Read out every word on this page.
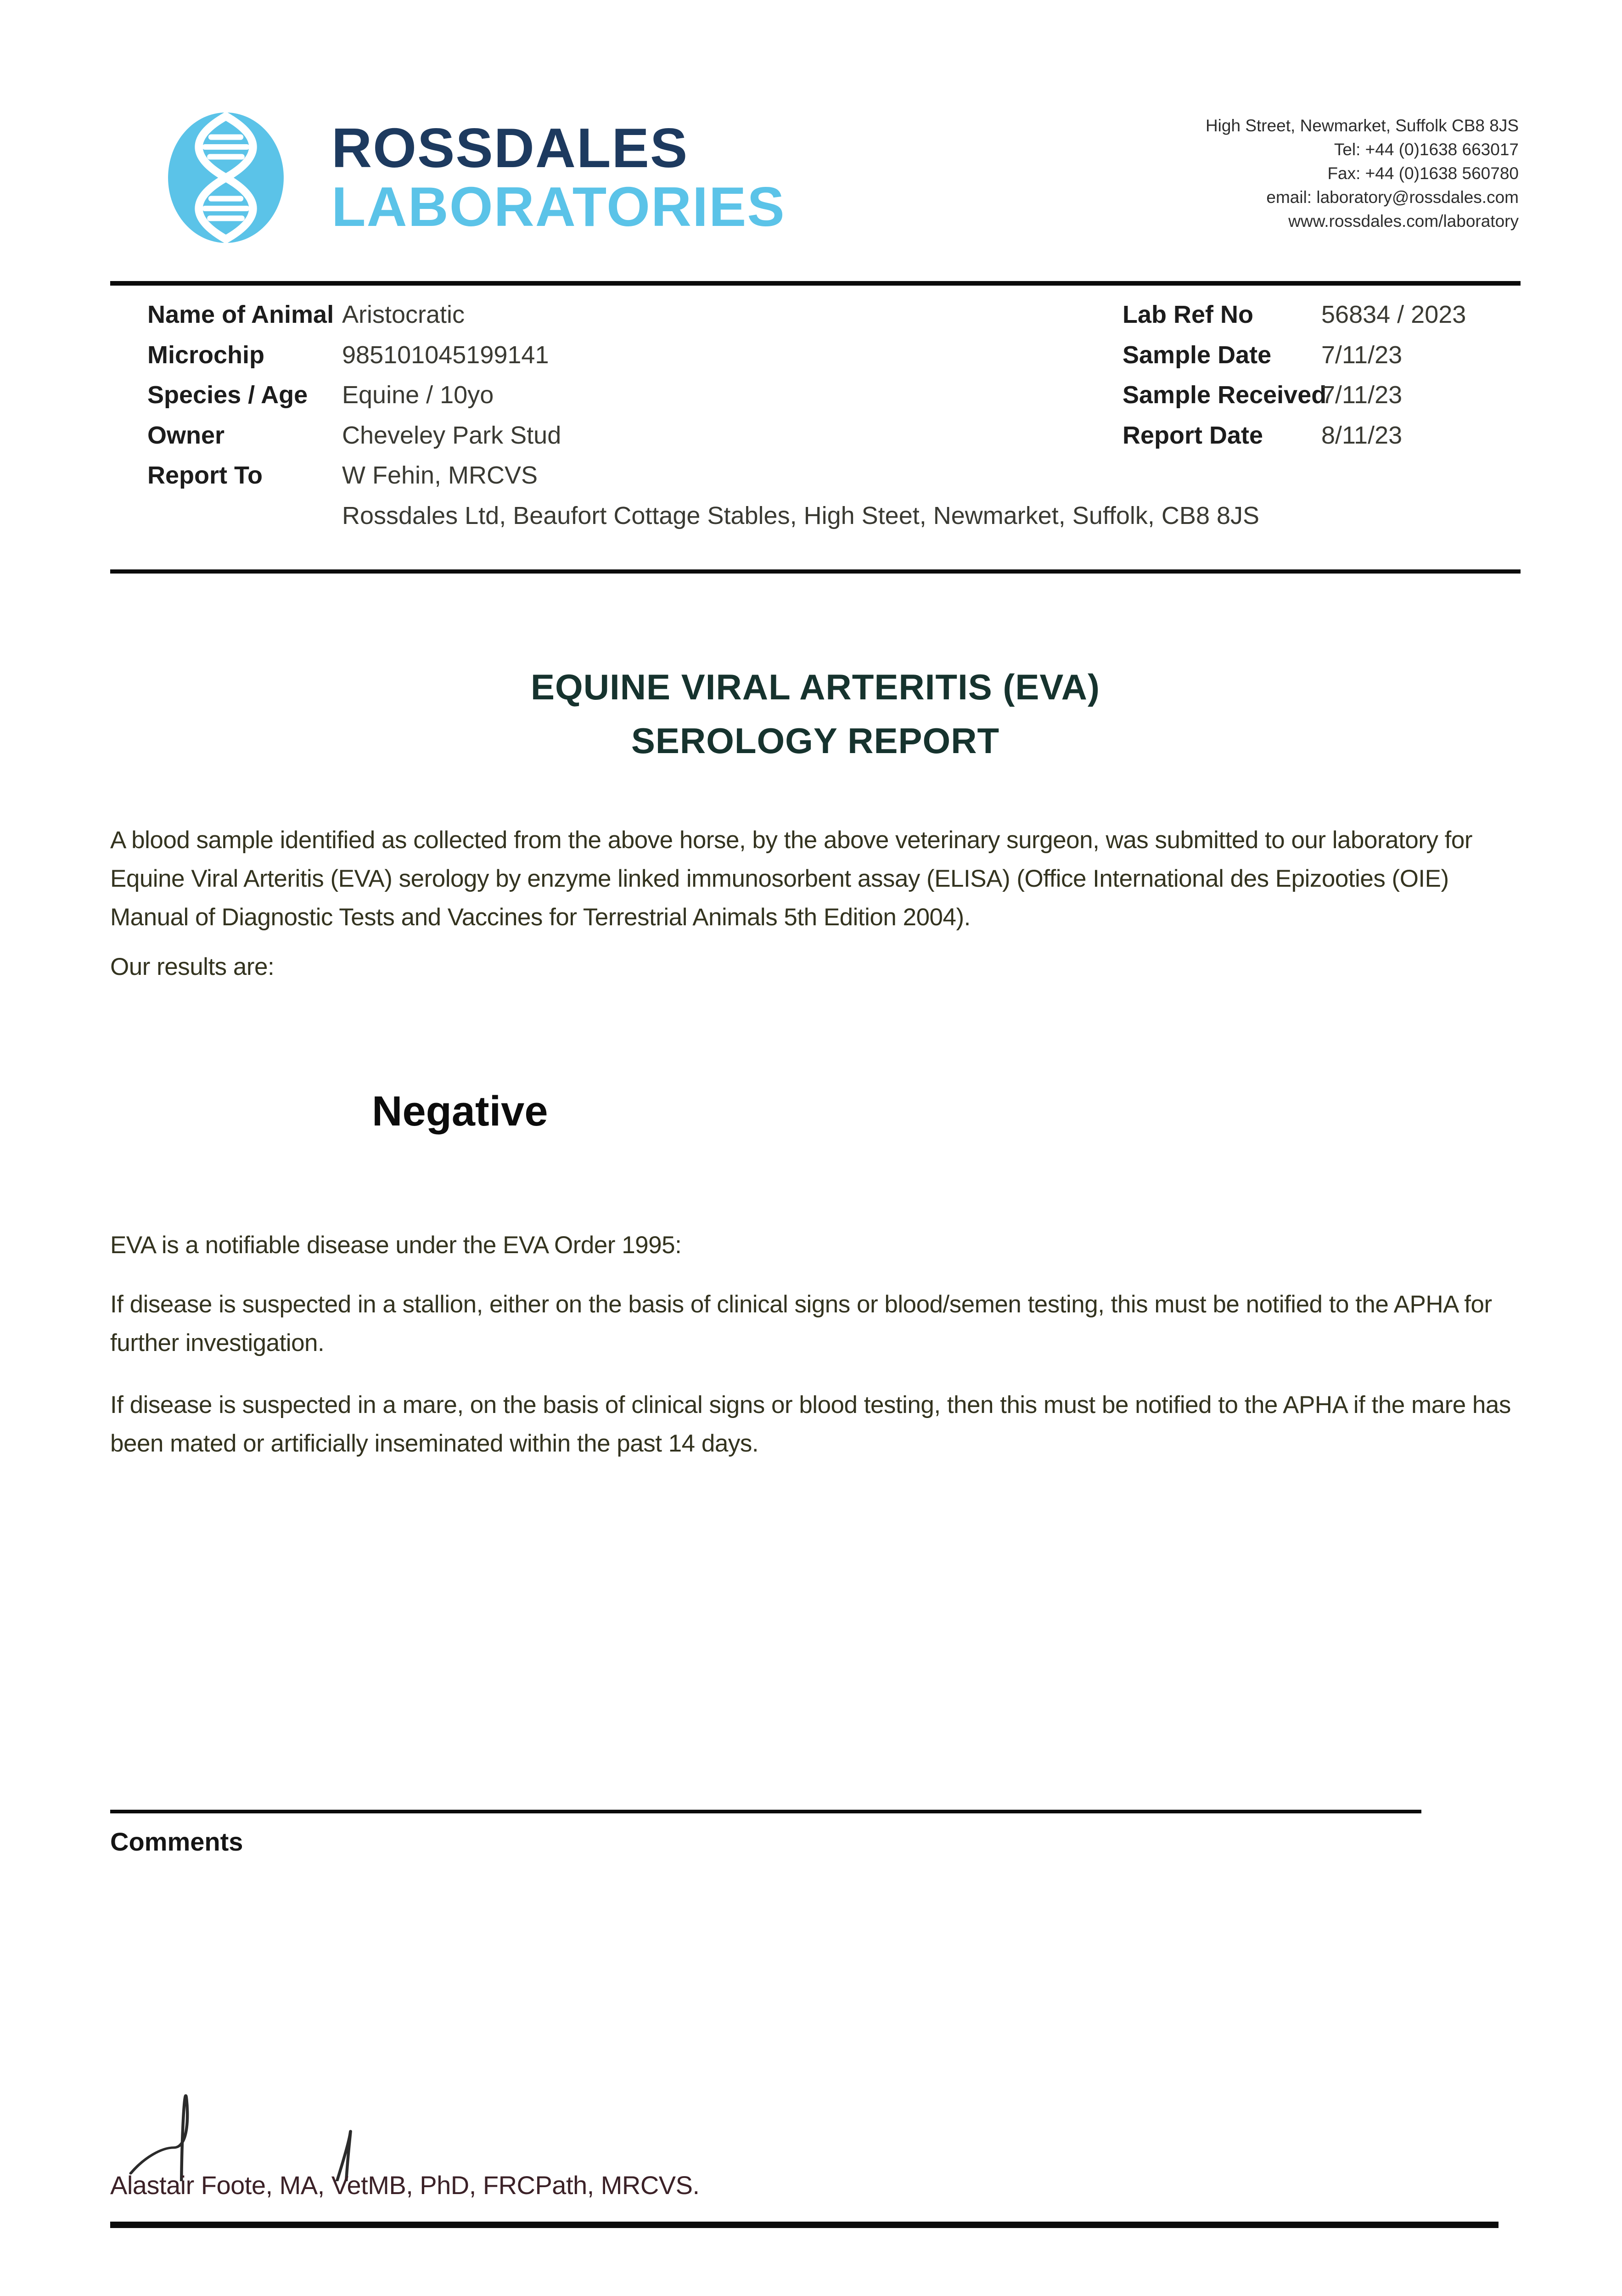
ROSSDALES
LABORATORIES
High Street, Newmarket, Suffolk CB8 8JS
Tel: +44 (0)1638 663017
Fax: +44 (0)1638 560780
email: laboratory@rossdales.com
www.rossdales.com/laboratory
Name of Animal Aristocratic
Microchip	985101045199141
Species / Age Equine / 10yo
Owner	Cheveley Park Stud
Report To	W Fehin, MRCVS
Rossdales Ltd, Beaufort Cottage Stables, High Steet, Newmarket, Suffolk, CB8 8JS
Lab Ref No	56834 / 2023
Sample Date 7/11/23
Sample Received7/11/23
Report Date 8/11/23
EQUINE VIRAL ARTERITIS (EVA)
SEROLOGY REPORT
A blood sample identified as collected from the above horse, by the above veterinary surgeon, was submitted to our laboratory for Equine Viral Arteritis (EVA) serology by enzyme linked immunosorbent assay (ELISA) (Office International des Epizooties (OIE) Manual of Diagnostic Tests and Vaccines for Terrestrial Animals 5th Edition 2004).
Our results are:
Negative
EVA is a notifiable disease under the EVA Order 1995:
If disease is suspected in a stallion, either on the basis of clinical signs or blood/semen testing, this must be notified to the APHA for further investigation.
If disease is suspected in a mare, on the basis of clinical signs or blood testing, then this must be notified to the APHA if the mare has been mated or artificially inseminated within the past 14 days.
Comments
Alastair Foote, MA, VetMB, PhD, FRCPath, MRCVS.
